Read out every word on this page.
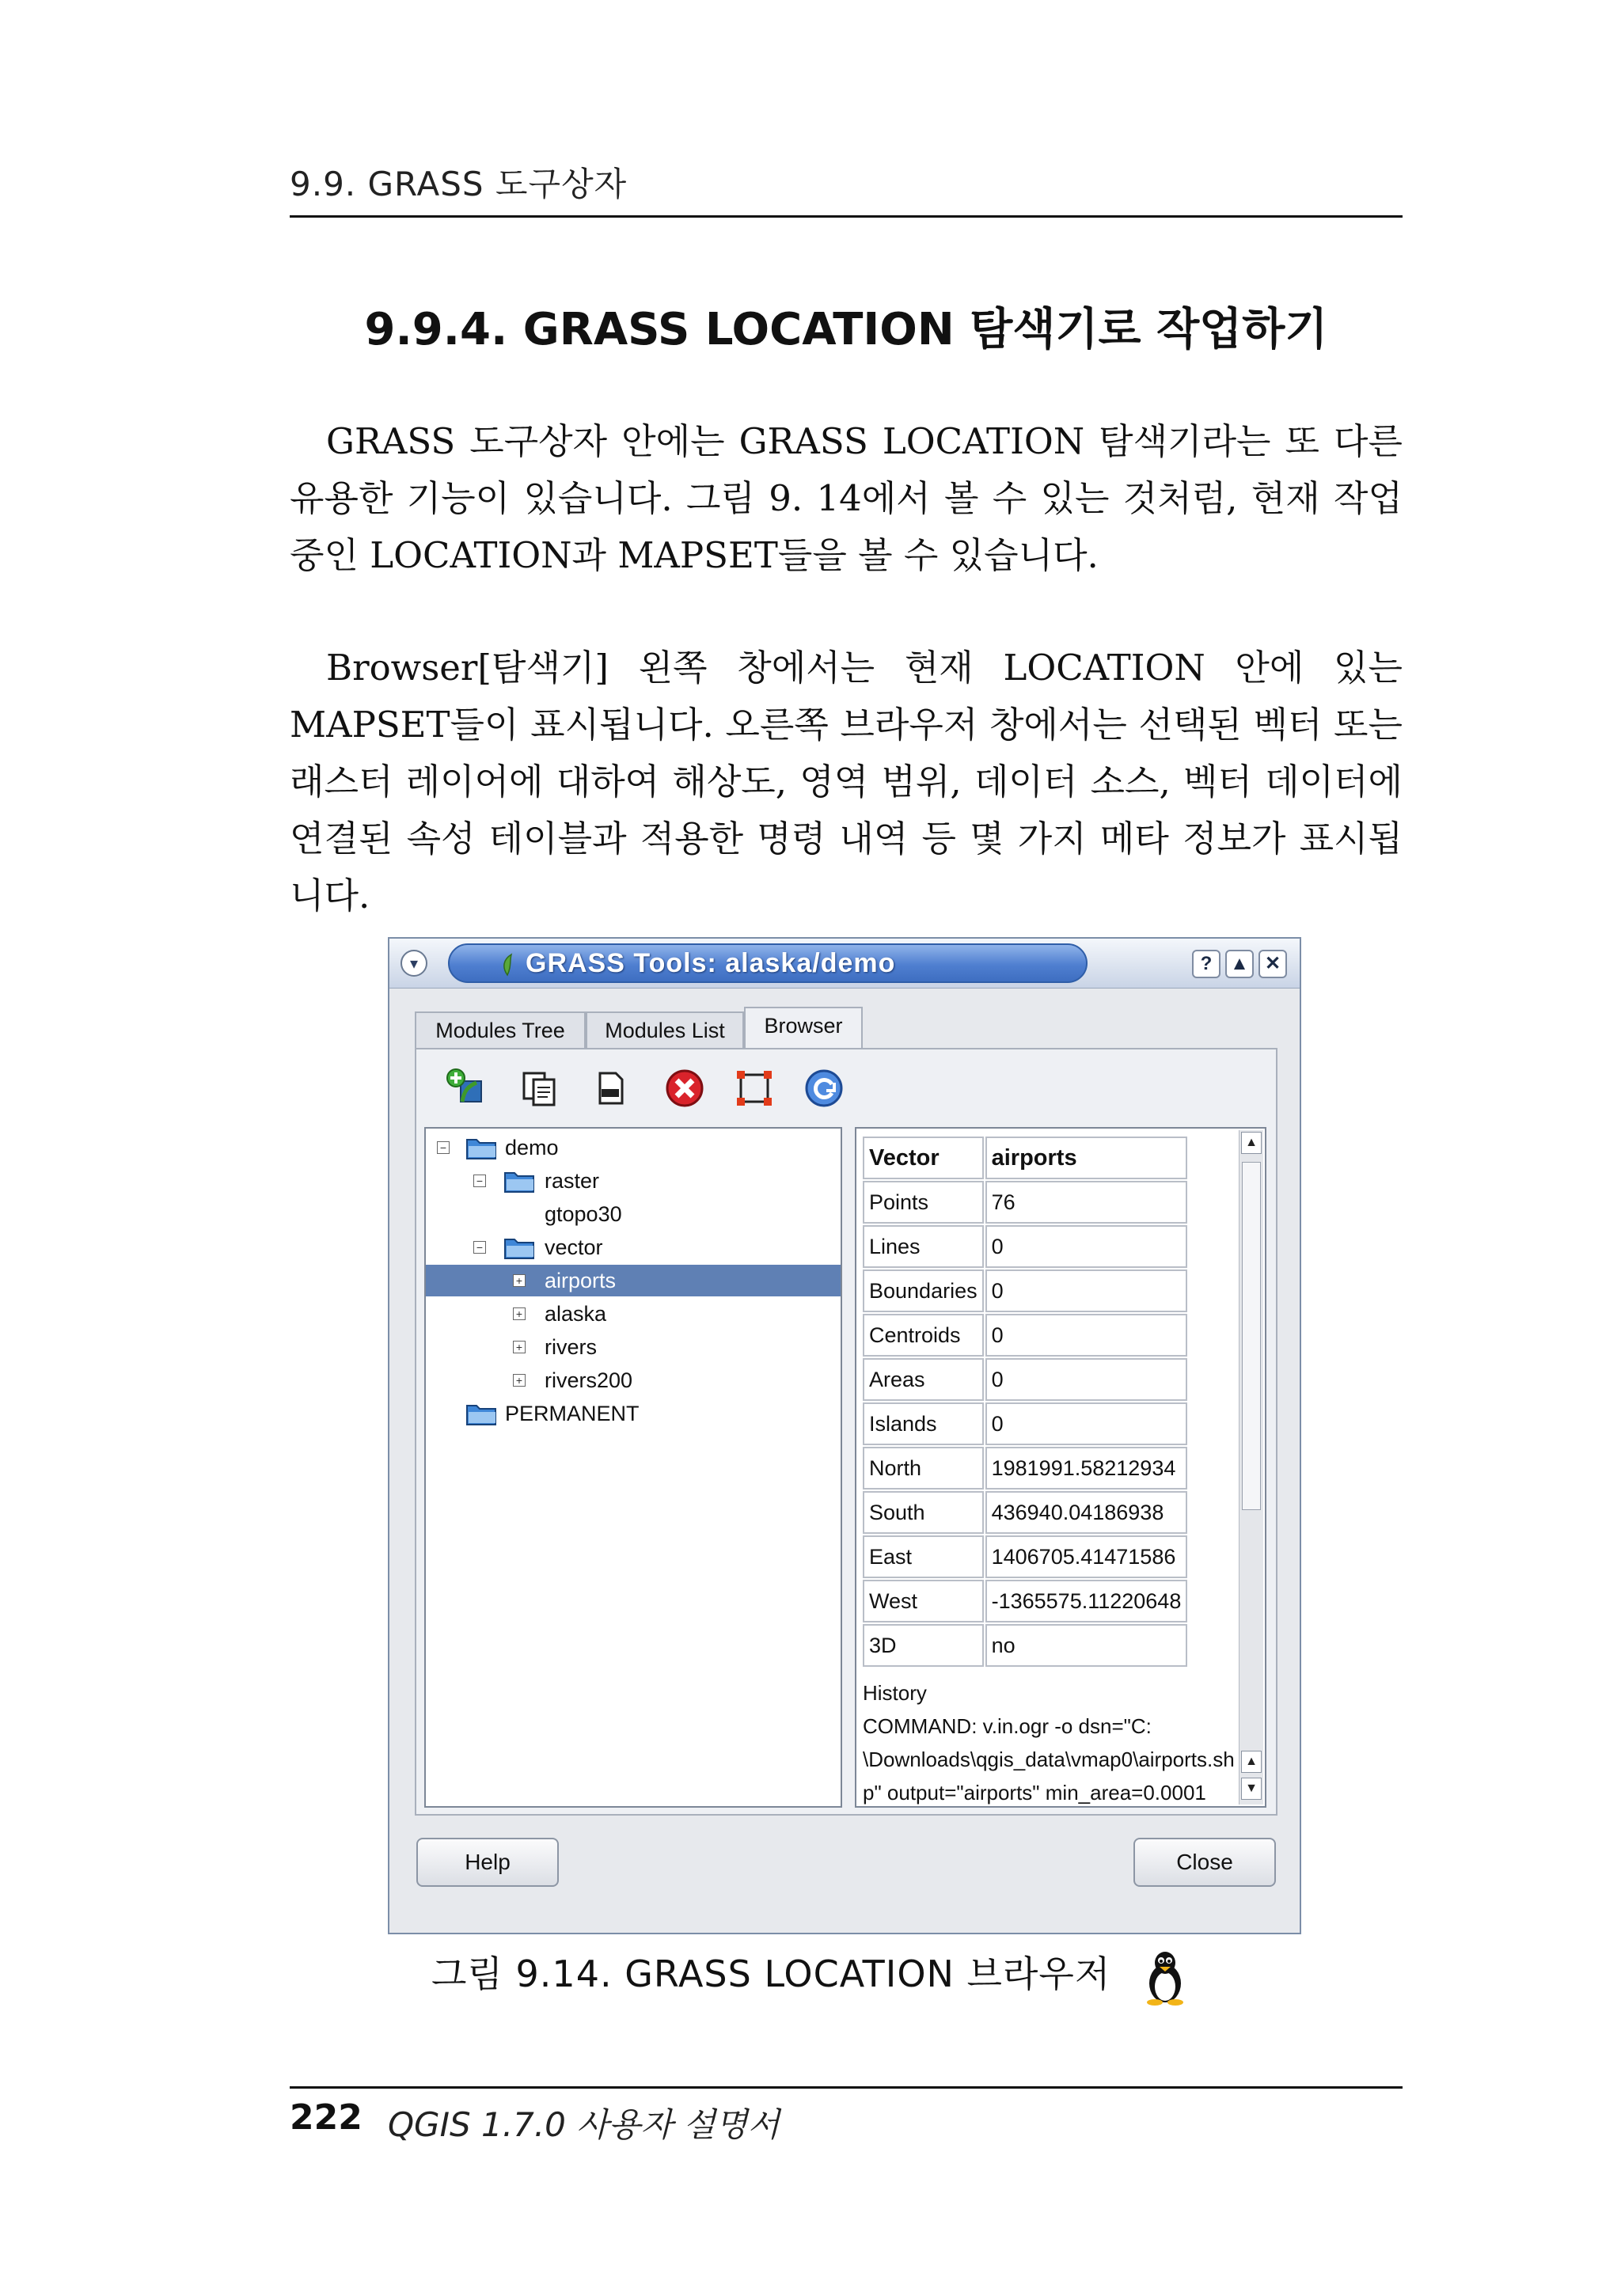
9.9. GRASS 도구상자
9.9.4. GRASS LOCATION 탐색기로 작업하기

GRASS 도구상자 안에는 GRASS LOCATION 탐색기라는 또 다른 유용한 기능이 있습니다. 그림 9. 14에서 볼 수 있는 것처럼, 현재 작업중인 LOCATION과 MAPSET들을 볼 수 있습니다.

Browser[탐색기] 왼쪽 창에서는 현재 LOCATION 안에 있는 MAPSET들이 표시됩니다. 오른쪽 브라우저 창에서는 선택된 벡터 또는 래스터 레이어에 대하여 해상도, 영역 범위, 데이터 소스, 벡터 데이터에 연결된 속성 테이블과 적용한 명령 내역 등 몇 가지 메타 정보가 표시됩니다.

▾	GRASS Tools: alaska/demo	? ▲ ✕
Modules Tree	Modules List	Browser
−	demo
−	raster
gtopo30
−	vector
+ airports
+ alaska
+ rivers
+ rivers200
PERMANENT
Vector	airports
Points	76
Lines	0
Boundaries	0
Centroids	0
Areas	0
Islands	0
North	1981991.58212934
South	436940.04186938
East	1406705.41471586
West	-1365575.11220648
3D	no
History
COMMAND: v.in.ogr -o dsn="C:
\Downloads\qgis_data\vmap0\airports.sh
p" output="airports" min_area=0.0001
▲
▲
▼
Help	Close
그림 9.14. GRASS LOCATION 브라우저
222 QGIS 1.7.0 사용자 설명서
